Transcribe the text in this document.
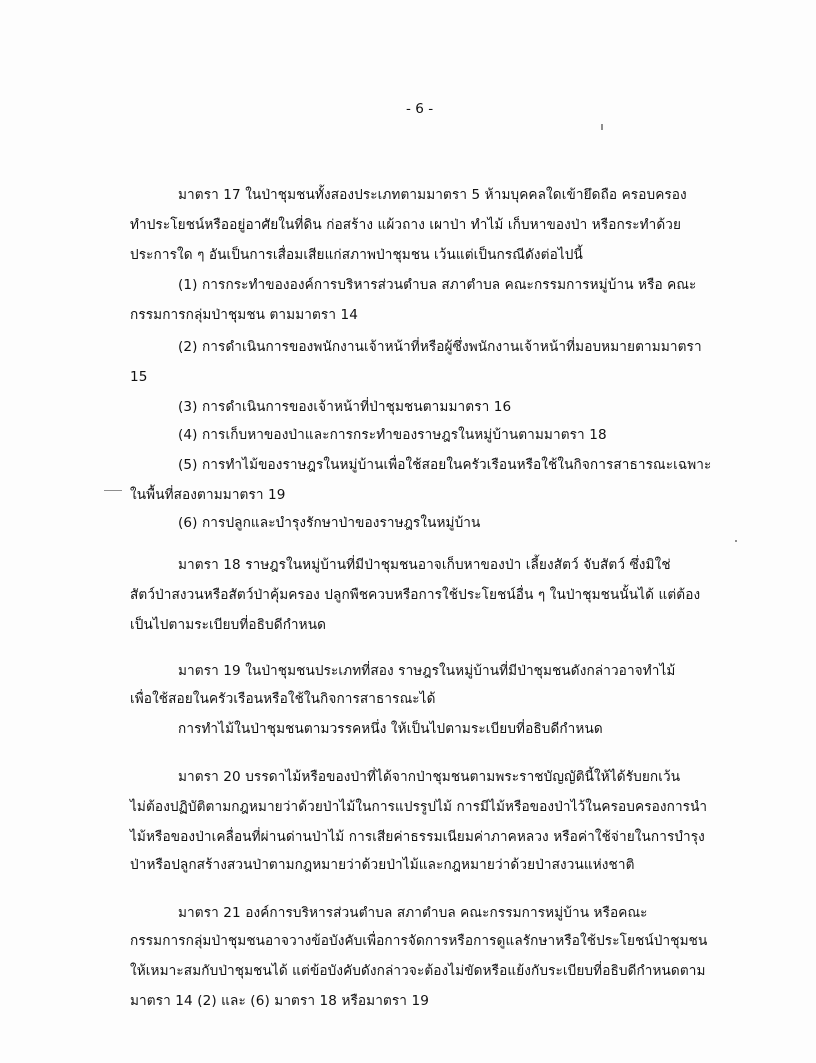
- 6 -
มาตรา 17 ในป่าชุมชนทั้งสองประเภทตามมาตรา 5 ห้ามบุคคลใดเข้ายึดถือ ครอบครอง
ทำประโยชน์หรืออยู่อาศัยในที่ดิน ก่อสร้าง แผ้วถาง เผาป่า ทำไม้ เก็บหาของป่า หรือกระทำด้วย
ประการใด ๆ อันเป็นการเสื่อมเสียแก่สภาพป่าชุมชน เว้นแต่เป็นกรณีดังต่อไปนี้
(1) การกระทำขององค์การบริหารส่วนตำบล สภาตำบล คณะกรรมการหมู่บ้าน หรือ คณะ
กรรมการกลุ่มป่าชุมชน ตามมาตรา 14
(2) การดำเนินการของพนักงานเจ้าหน้าที่หรือผู้ซึ่งพนักงานเจ้าหน้าที่มอบหมายตามมาตรา
15
(3) การดำเนินการของเจ้าหน้าที่ป่าชุมชนตามมาตรา 16
(4) การเก็บหาของป่าและการกระทำของราษฎรในหมู่บ้านตามมาตรา 18
(5) การทำไม้ของราษฎรในหมู่บ้านเพื่อใช้สอยในครัวเรือนหรือใช้ในกิจการสาธารณะเฉพาะ
ในพื้นที่สองตามมาตรา 19
(6) การปลูกและบำรุงรักษาป่าของราษฎรในหมู่บ้าน
มาตรา 18 ราษฎรในหมู่บ้านที่มีป่าชุมชนอาจเก็บหาของป่า เลี้ยงสัตว์ จับสัตว์ ซึ่งมิใช่
สัตว์ป่าสงวนหรือสัตว์ป่าคุ้มครอง ปลูกพืชควบหรือการใช้ประโยชน์อื่น ๆ ในป่าชุมชนนั้นได้ แต่ต้อง
เป็นไปตามระเบียบที่อธิบดีกำหนด
มาตรา 19 ในป่าชุมชนประเภทที่สอง ราษฎรในหมู่บ้านที่มีป่าชุมชนดังกล่าวอาจทำไม้
เพื่อใช้สอยในครัวเรือนหรือใช้ในกิจการสาธารณะได้
การทำไม้ในป่าชุมชนตามวรรคหนึ่ง ให้เป็นไปตามระเบียบที่อธิบดีกำหนด
มาตรา 20 บรรดาไม้หรือของป่าที่ได้จากป่าชุมชนตามพระราชบัญญัตินี้ให้ได้รับยกเว้น
ไม่ต้องปฏิบัติตามกฎหมายว่าด้วยป่าไม้ในการแปรรูปไม้ การมีไม้หรือของป่าไว้ในครอบครองการนำ
ไม้หรือของป่าเคลื่อนที่ผ่านด่านป่าไม้ การเสียค่าธรรมเนียมค่าภาคหลวง หรือค่าใช้จ่ายในการบำรุง
ป่าหรือปลูกสร้างสวนป่าตามกฎหมายว่าด้วยป่าไม้และกฎหมายว่าด้วยป่าสงวนแห่งชาติ
มาตรา 21 องค์การบริหารส่วนตำบล สภาตำบล คณะกรรมการหมู่บ้าน หรือคณะ
กรรมการกลุ่มป่าชุมชนอาจวางข้อบังคับเพื่อการจัดการหรือการดูแลรักษาหรือใช้ประโยชน์ป่าชุมชน
ให้เหมาะสมกับป่าชุมชนได้ แต่ข้อบังคับดังกล่าวจะต้องไม่ขัดหรือแย้งกับระเบียบที่อธิบดีกำหนดตาม
มาตรา 14 (2) และ (6) มาตรา 18 หรือมาตรา 19
